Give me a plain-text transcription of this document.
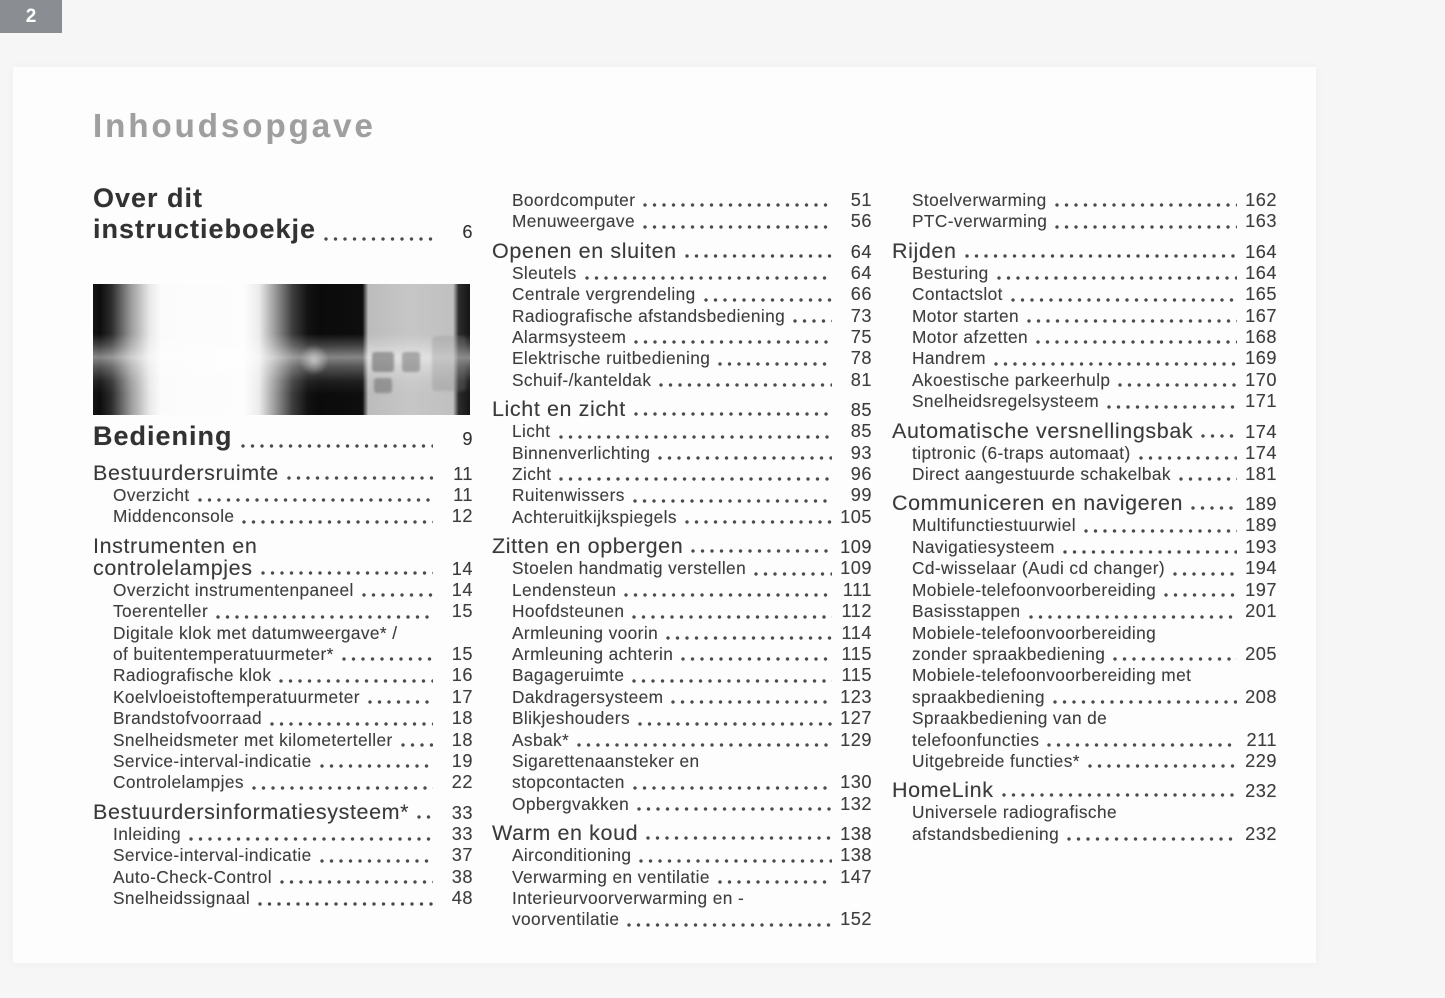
2
Inhoudsopgave
Over dit
instructieboekje	6
Bediening	9
Bestuurdersruimte	11
Overzicht	11
Middenconsole	12
Instrumenten en
controlelampjes	14
Overzicht instrumentenpaneel	14
Toerenteller	15
Digitale klok met datumweergave* /
of buitentemperatuurmeter*	15
Radiografische klok	16
Koelvloeistoftemperatuurmeter	17
Brandstofvoorraad	18
Snelheidsmeter met kilometerteller	18
Service-interval-indicatie	19
Controlelampjes	22
Bestuurdersinformatiesysteem*	33
Inleiding	33
Service-interval-indicatie	37
Auto-Check-Control	38
Snelheidssignaal	48
Boordcomputer	51
Menuweergave	56
Openen en sluiten	64
Sleutels	64
Centrale vergrendeling	66
Radiografische afstandsbediening	73
Alarmsysteem	75
Elektrische ruitbediening	78
Schuif-/kanteldak	81
Licht en zicht	85
Licht	85
Binnenverlichting	93
Zicht	96
Ruitenwissers	99
Achteruitkijkspiegels	105
Zitten en opbergen	109
Stoelen handmatig verstellen	109
Lendensteun	111
Hoofdsteunen	112
Armleuning voorin	114
Armleuning achterin	115
Bagageruimte	115
Dakdragersysteem	123
Blikjeshouders	127
Asbak*	129
Sigarettenaansteker en
stopcontacten	130
Opbergvakken	132
Warm en koud	138
Airconditioning	138
Verwarming en ventilatie	147
Interieurvoorverwarming en -
voorventilatie	152
Stoelverwarming	162
PTC-verwarming	163
Rijden	164
Besturing	164
Contactslot	165
Motor starten	167
Motor afzetten	168
Handrem	169
Akoestische parkeerhulp	170
Snelheidsregelsysteem	171
Automatische versnellingsbak	174
tiptronic (6-traps automaat)	174
Direct aangestuurde schakelbak	181
Communiceren en navigeren	189
Multifunctiestuurwiel	189
Navigatiesysteem	193
Cd-wisselaar (Audi cd changer)	194
Mobiele-telefoonvoorbereiding	197
Basisstappen	201
Mobiele-telefoonvoorbereiding
zonder spraakbediening	205
Mobiele-telefoonvoorbereiding met
spraakbediening	208
Spraakbediening van de
telefoonfuncties	211
Uitgebreide functies*	229
HomeLink	232
Universele radiografische
afstandsbediening	232
